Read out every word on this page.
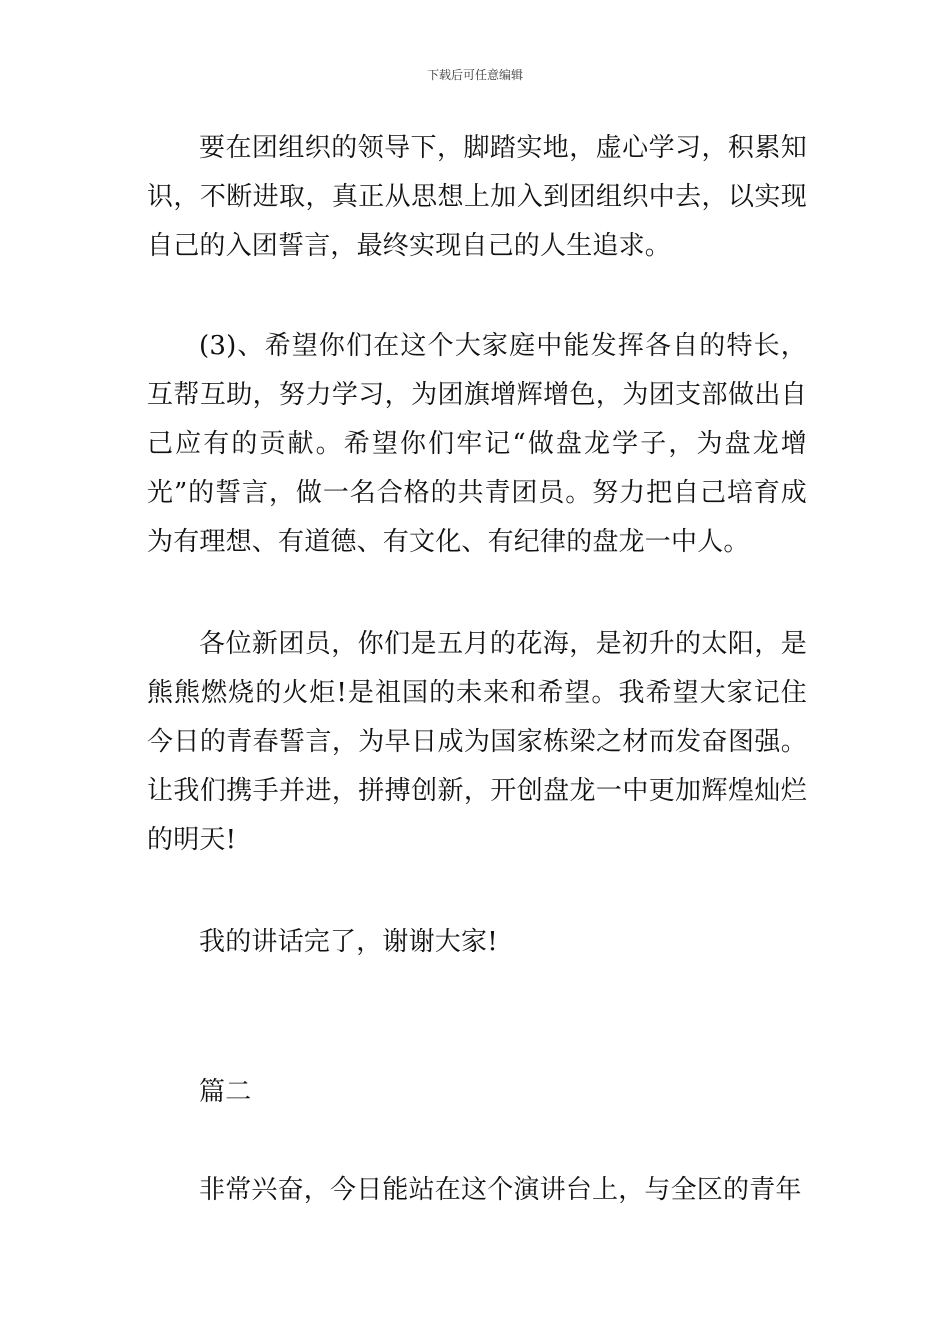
下载后可任意编辑

要在团组织的领导下，脚踏实地，虚心学习，积累知识，不断进取，真正从思想上加入到团组织中去，以实现自己的入团誓言，最终实现自己的人生追求。

(3)、希望你们在这个大家庭中能发挥各自的特长，互帮互助，努力学习，为团旗增辉增色，为团支部做出自己应有的贡献。希望你们牢记“做盘龙学子，为盘龙增光”的誓言，做一名合格的共青团员。努力把自己培育成为有理想、有道德、有文化、有纪律的盘龙一中人。

各位新团员，你们是五月的花海，是初升的太阳，是熊熊燃烧的火炬!是祖国的未来和希望。我希望大家记住今日的青春誓言，为早日成为国家栋梁之材而发奋图强。让我们携手并进，拼搏创新，开创盘龙一中更加辉煌灿烂的明天!

我的讲话完了，谢谢大家!

篇二

非常兴奋，今日能站在这个演讲台上，与全区的青年
